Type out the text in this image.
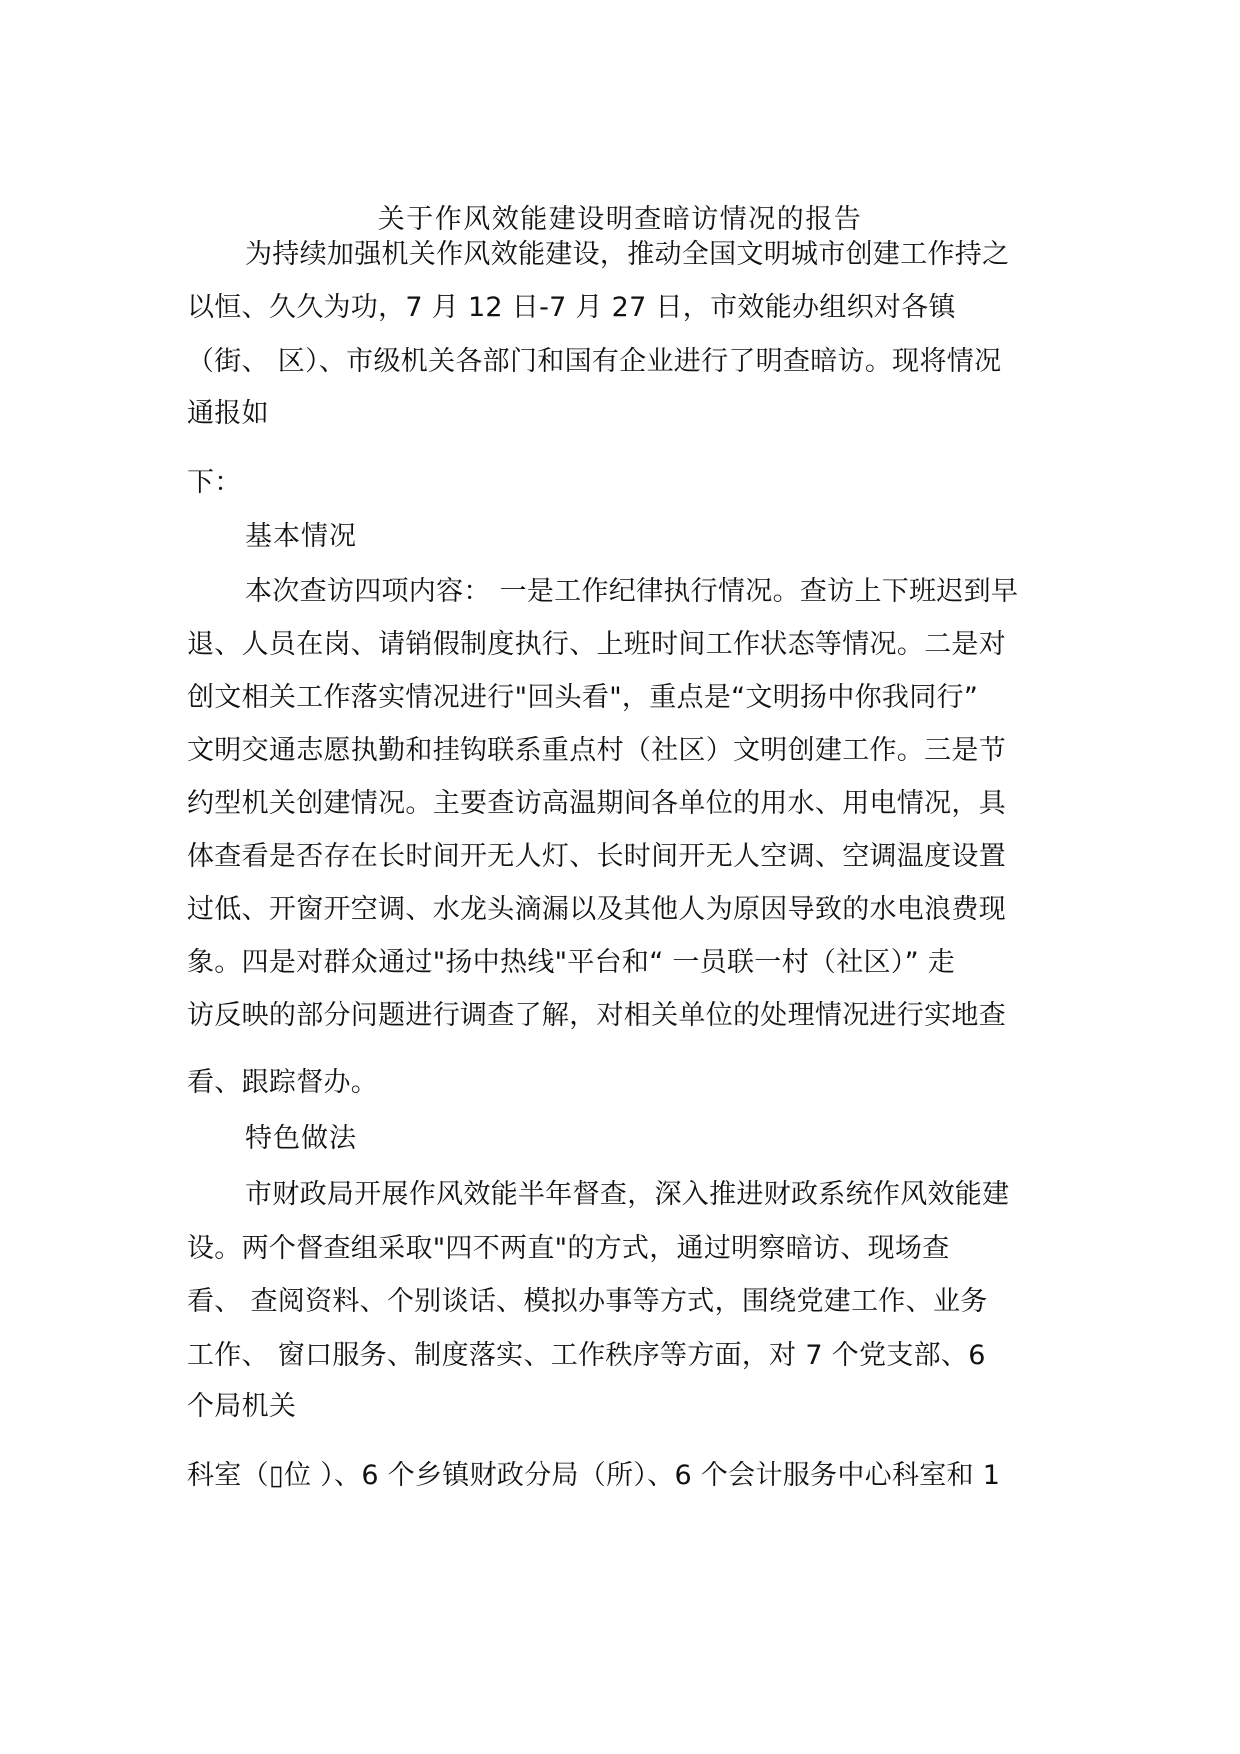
关于作风效能建设明查暗访情况的报告
为持续加强机关作风效能建设，推动全国文明城市创建工作持之
以恒、久久为功，7 月 12 日-7 月 27 日，市效能办组织对各镇
（街、 区）、市级机关各部门和国有企业进行了明查暗访。现将情况
通报如
下：
基本情况
本次查访四项内容： 一是工作纪律执行情况。查访上下班迟到早
退、人员在岗、请销假制度执行、上班时间工作状态等情况。二是对
创文相关工作落实情况进行"回头看"，重点是“文明扬中你我同行”
文明交通志愿执勤和挂钩联系重点村（社区）文明创建工作。三是节
约型机关创建情况。主要查访高温期间各单位的用水、用电情况，具
体查看是否存在长时间开无人灯、长时间开无人空调、空调温度设置
过低、开窗开空调、水龙头滴漏以及其他人为原因导致的水电浪费现
象。四是对群众通过"扬中热线"平台和“ 一员联一村（社区）” 走
访反映的部分问题进行调查了解，对相关单位的处理情况进行实地查
看、跟踪督办。
特色做法
市财政局开展作风效能半年督查，深入推进财政系统作风效能建
设。两个督查组采取"四不两直"的方式，通过明察暗访、现场查
看、 查阅资料、个别谈话、模拟办事等方式，围绕党建工作、业务
工作、 窗口服务、制度落实、工作秩序等方面，对 7 个党支部、6
个局机关
科室（▯位 ）、6 个乡镇财政分局（所）、6 个会计服务中心科室和 1
